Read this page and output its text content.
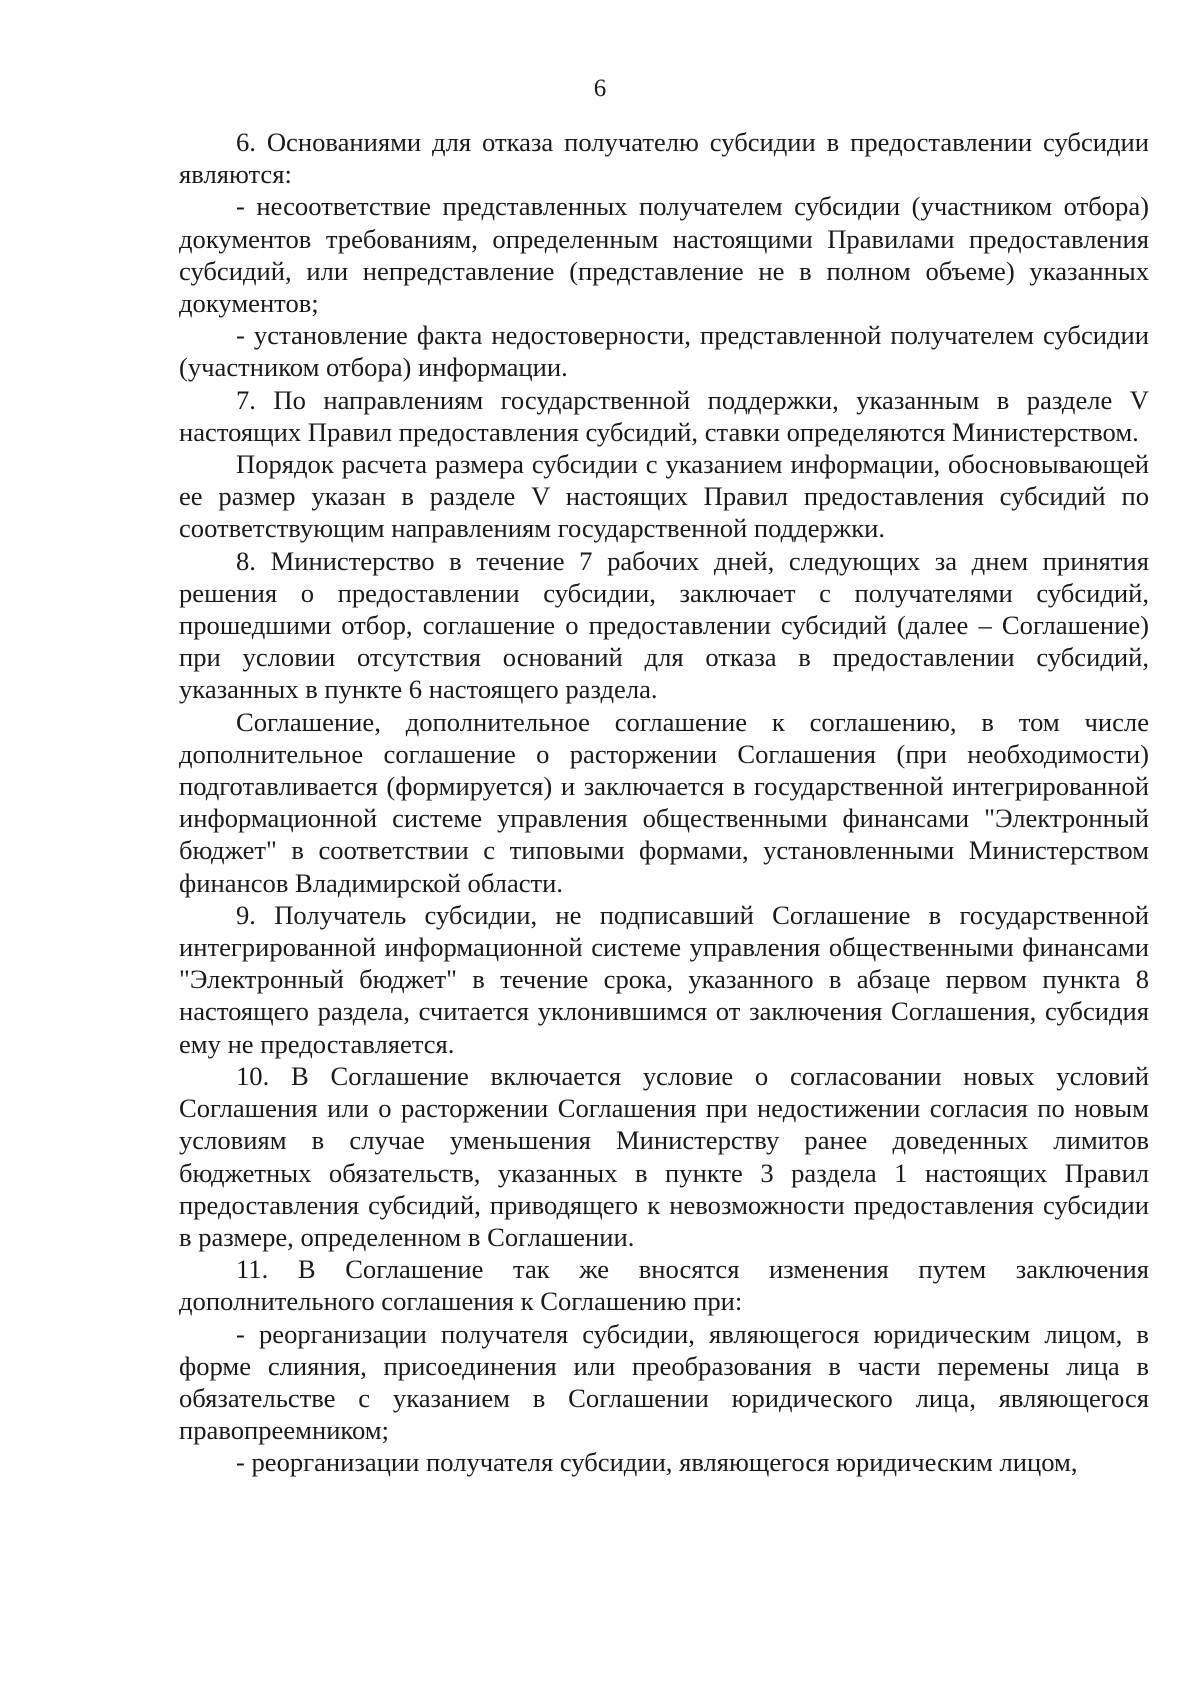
6

6. Основаниями для отказа получателю субсидии в предоставлении субсидии являются:

- несоответствие представленных получателем субсидии (участником отбора) документов требованиям, определенным настоящими Правилами предоставления субсидий, или непредставление (представление не в полном объеме) указанных документов;

- установление факта недостоверности, представленной получателем субсидии (участником отбора) информации.

7. По направлениям государственной поддержки, указанным в разделе V настоящих Правил предоставления субсидий, ставки определяются Министерством.

Порядок расчета размера субсидии с указанием информации, обосновывающей ее размер указан в разделе V настоящих Правил предоставления субсидий по соответствующим направлениям государственной поддержки.

8. Министерство в течение 7 рабочих дней, следующих за днем принятия решения о предоставлении субсидии, заключает с получателями субсидий, прошедшими отбор, соглашение о предоставлении субсидий (далее – Соглашение) при условии отсутствия оснований для отказа в предоставлении субсидий, указанных в пункте 6 настоящего раздела.

Соглашение, дополнительное соглашение к соглашению, в том числе дополнительное соглашение о расторжении Соглашения (при необходимости) подготавливается (формируется) и заключается в государственной интегрированной информационной системе управления общественными финансами "Электронный бюджет" в соответствии с типовыми формами, установленными Министерством финансов Владимирской области.

9. Получатель субсидии, не подписавший Соглашение в государственной интегрированной информационной системе управления общественными финансами "Электронный бюджет" в течение срока, указанного в абзаце первом пункта 8 настоящего раздела, считается уклонившимся от заключения Соглашения, субсидия ему не предоставляется.

10. В Соглашение включается условие о согласовании новых условий Соглашения или о расторжении Соглашения при недостижении согласия по новым условиям в случае уменьшения Министерству ранее доведенных лимитов бюджетных обязательств, указанных в пункте 3 раздела 1 настоящих Правил предоставления субсидий, приводящего к невозможности предоставления субсидии в размере, определенном в Соглашении.

11. В Соглашение так же вносятся изменения путем заключения дополнительного соглашения к Соглашению при:

- реорганизации получателя субсидии, являющегося юридическим лицом, в форме слияния, присоединения или преобразования в части перемены лица в обязательстве с указанием в Соглашении юридического лица, являющегося правопреемником;

- реорганизации получателя субсидии, являющегося юридическим лицом,
